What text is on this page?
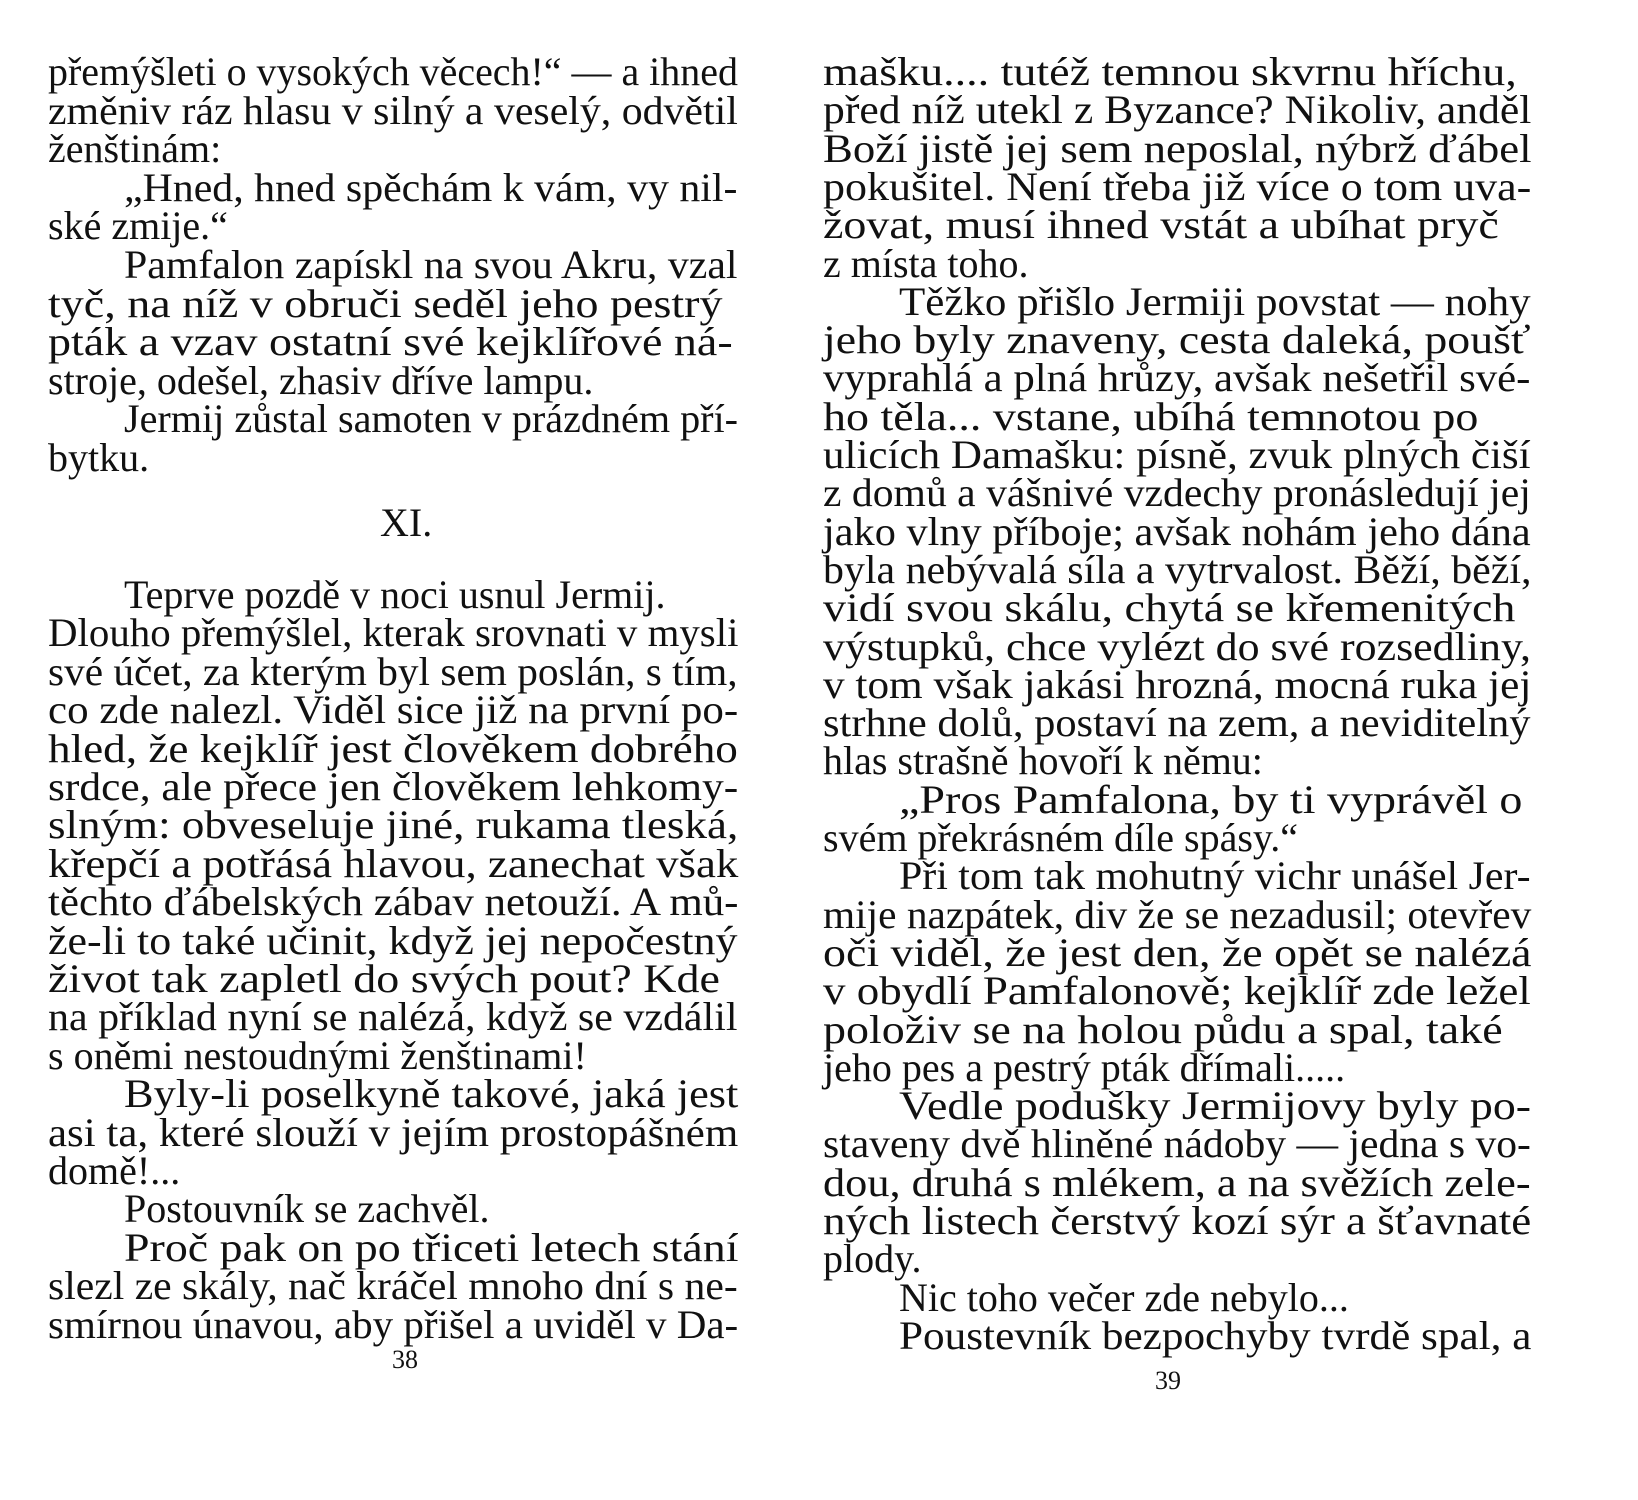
přemýšleti o vysokých věcech!“ — a ihned
změniv ráz hlasu v silný a veselý, odvětil
ženštinám:
„Hned, hned spěchám k vám, vy nil-
ské zmije.“
Pamfalon zapískl na svou Akru, vzal
tyč, na níž v obruči seděl jeho pestrý
pták a vzav ostatní své kejklířové ná-
stroje, odešel, zhasiv dříve lampu.
Jermij zůstal samoten v prázdném pří-
bytku.
XI.
Teprve pozdě v noci usnul Jermij.
Dlouho přemýšlel, kterak srovnati v mysli
své účet, za kterým byl sem poslán, s tím,
co zde nalezl. Viděl sice již na první po-
hled, že kejklíř jest člověkem dobrého
srdce, ale přece jen člověkem lehkomy-
slným: obveseluje jiné, rukama tleská,
křepčí a potřásá hlavou, zanechat však
těchto ďábelských zábav netouží. A mů-
že-li to také učinit, když jej nepočestný
život tak zapletl do svých pout? Kde
na příklad nyní se nalézá, když se vzdálil
s oněmi nestoudnými ženštinami!
Byly-li poselkyně takové, jaká jest
asi ta, které slouží v jejím prostopášném
domě!...
Postouvník se zachvěl.
Proč pak on po třiceti letech stání
slezl ze skály, nač kráčel mnoho dní s ne-
smírnou únavou, aby přišel a uviděl v Da-
38
mašku.... tutéž temnou skvrnu hříchu,
před níž utekl z Byzance? Nikoliv, anděl
Boží jistě jej sem neposlal, nýbrž ďábel
pokušitel. Není třeba již více o tom uva-
žovat, musí ihned vstát a ubíhat pryč
z místa toho.
Těžko přišlo Jermiji povstat — nohy
jeho byly znaveny, cesta daleká, poušť
vyprahlá a plná hrůzy, avšak nešetřil své-
ho těla... vstane, ubíhá temnotou po
ulicích Damašku: písně, zvuk plných čiší
z domů a vášnivé vzdechy pronásledují jej
jako vlny příboje; avšak nohám jeho dána
byla nebývalá síla a vytrvalost. Běží, běží,
vidí svou skálu, chytá se křemenitých
výstupků, chce vylézt do své rozsedliny,
v tom však jakási hrozná, mocná ruka jej
strhne dolů, postaví na zem, a neviditelný
hlas strašně hovoří k němu:
„Pros Pamfalona, by ti vyprávěl o
svém překrásném díle spásy.“
Při tom tak mohutný vichr unášel Jer-
mije nazpátek, div že se nezadusil; otevřev
oči viděl, že jest den, že opět se nalézá
v obydlí Pamfalonově; kejklíř zde ležel
položiv se na holou půdu a spal, také
jeho pes a pestrý pták dřímali.....
Vedle podušky Jermijovy byly po-
staveny dvě hliněné nádoby — jedna s vo-
dou, druhá s mlékem, a na svěžích zele-
ných listech čerstvý kozí sýr a šťavnaté
plody.
Nic toho večer zde nebylo...
Poustevník bezpochyby tvrdě spal, a
39
